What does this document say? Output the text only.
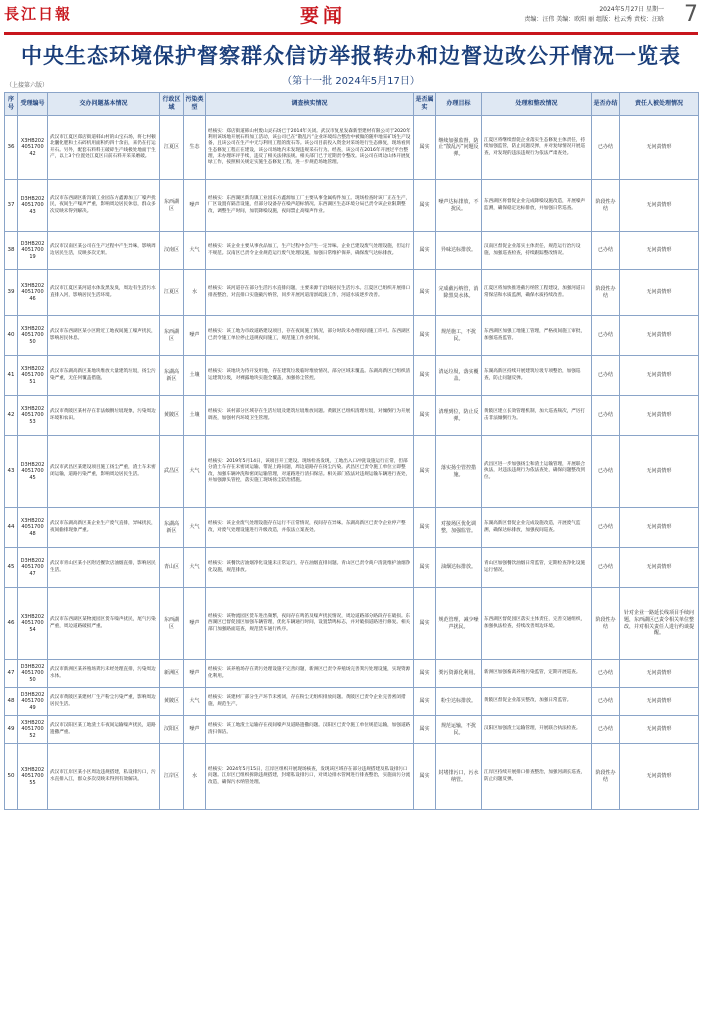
長江日報	要闻	2024年5月27日 星期一
责编：汪伟 美编：欧阳 丽 组版：杜云秀 责校：汪晗 7
中央生态环境保护督察群众信访举报转办和边督边改公开情况一览表
（第十一批 2024年5月17日）
（上接第六版）
序号	受理编号	交办问题基本情况	行政区域	污染类型	调查核实情况	是否属实	办理目标	处理和整改情况	是否办结	责任人被处理情况
36	X3HB202405170042	武汉市江夏区郑店街道韩山村的山宝石场，将七村顿北囊化肥和土石碎机用面积约四十余亩，来仍在打运开石。另外，配套石料料王破碎生产线极处地面于生产，以上3个位置处江夏区日前石料开采采磨破。	江夏区	生态	经核实：郑店街道韩山村废山灵石场已于2014年关闭。武汉市复星发森新型建材有限公司于2020年利用该场地开展石料加工活动，该公司已在“散乱污”企业环境综合整治中被做的随申地采矿场生产设备，且该公司在生产中无与利用工程的废石等。该公司目前投入资金对采场进行生态修复，现场看到生态修复工程正在建设，该公司场地内未发现违规采石行为。经查，该公司在2016年开展过平台整理，未办理环评手续，违反了相关法律法规。相关部门已于近期责令整改。该公司在周边山体开展复绿工作，按照相关规定实施生态修复工程，进一步规范场地管理。	属实	继续加强监督，防止“散乱污”问题反弹。	江夏区将继续督促企业落实生态修复主体责任，持续加强监管，防止问题反弹，并对复绿情况开展巡查，对发现的违法违规行为依法严肃查处。	已办结	无问责情形
37	D3HB202405170043	武汉市东西湖区新沟镇工业园东方鑫源加工厂噪声扰民，夜间生产噪声严重，影响周边居民休息，群众多次反映未得到解决。	东西湖区	噪声	经核实：东西湖区新沟镇工业园东方鑫源加工厂主要从事金属构件加工。现场检查时该厂正在生产，厂区设置有隔音设施，但部分设备存在噪声超标情况。东西湖区生态环境分局已责令该企业限期整改，调整生产时间，加装降噪设施，夜间禁止高噪声作业。	属实	噪声达标排放，不扰民。	东西湖区将督促企业完成降噪设施改造，开展噪声监测，确保稳定达标排放，并加强日常巡查。	阶段性办结	无问责情形
38	D3HB202405170019	武汉市汉南区某公司在生产过程中产生异味，影响周边居民生活，反映多次无果。	汉南区	大气	经核实：该企业主要从事食品加工，生产过程中会产生一定异味。企业已建设废气处理设施，但运行不规范。汉南区已责令企业规范运行废气处理设施，加强日常维护保养，确保废气达标排放。	属实	异味达标排放。	汉南区督促企业落实主体责任，规范运行治污设施，加强巡查检查，持续跟踪整改情况。	已办结	无问责情形
39	X3HB202405170046	武汉市江夏区某河道水体发黑发臭，周边有生活污水直排入河，影响居民生活环境。	江夏区	水	经核实：该河道存在部分生活污水直排问题，主要来源于沿线居民生活污水。江夏区已组织开展排口排查整治，对直排口实施截污纳管，同步开展河道清淤疏浚工作，河道水质逐步改善。	属实	完成截污纳管，消除黑臭水体。	江夏区将加快推进截污纳管工程建设，加强河道日常保洁和水质监测，确保水质持续改善。	阶段性办结	无问责情形
40	X3HB202405170050	武汉市东西湖区某小区附近工地夜间施工噪声扰民，影响居民休息。	东西湖区	噪声	经核实：该工地为市政道路建设项目，存在夜间施工情况，部分时段未办理夜间施工许可。东西湖区已责令施工单位停止违规夜间施工，规范施工作业时间。	属实	规范施工，不扰民。	东西湖区加强工地施工管理，严格夜间施工审批，加强巡查监管。	已办结	无问责情形
41	X3HB202405170051	武汉市东湖高新区某地块堆放大量建筑垃圾，扬尘污染严重，无任何覆盖措施。	东湖高新区	土壤	经核实：该地块为待开发用地，存在建筑垃圾临时堆放情况，部分区域未覆盖。东湖高新区已组织清运建筑垃圾，对裸露地块实施全覆盖，加强扬尘管控。	属实	清运垃圾，落实覆盖。	东湖高新区持续开展建筑垃圾专项整治，加强巡查，防止问题反弹。	已办结	无问责情形
42	X3HB202405170053	武汉市黄陂区某村存在非法倾倒垃圾现象，污染周边环境和农田。	黄陂区	土壤	经核实：该村部分区域存在生活垃圾及建筑垃圾堆放问题。黄陂区已组织清理垃圾，对倾倒行为开展调查，加强村内环境卫生管理。	属实	清理到位，防止反弹。	黄陂区建立长效管理机制，加大巡查频次，严厉打击非法倾倒行为。	已办结	无问责情形
43	D3HB202405170045	武汉市武昌区某建设项目施工扬尘严重，渣土车未密闭运输，道路污染严重，影响周边居民生活。	武昌区	大气	经核实：2019年5月14日，该项目开工建设。现场检查发现，工地出入口冲洗设施运行正常，但部分渣土车存在未密闭运输、带泥上路问题，周边道路存在扬尘污染。武昌区已责令施工单位立即整改，加强车辆冲洗和密闭运输管理，对道路进行清扫保洁。相关部门依法对违规运输车辆进行查处，并加强源头管控，落实施工现场扬尘防治措施。	属实	落实扬尘管控措施。	武昌区进一步加强扬尘和渣土运输管理，开展联合执法，对违法违规行为依法查处，确保问题整改到位。	已办结	无问责情形
44	X3HB202405170048	武汉市东湖高新区某企业生产废气直排，异味扰民，夜间偷排现象严重。	东湖高新区	大气	经核实：该企业废气处理设施存在运行不正常情况，夜间存在异味。东湖高新区已责令企业停产整改，对废气处理设施进行升级改造，并依法立案查处。	属实	对接场区优化调整，加强监管。	东湖高新区督促企业完成设施改造，开展废气监测，确保达标排放，加强夜间巡查。	已办结	无问责情形
45	D3HB202405170047	武汉市青山区某小区附近餐饮店油烟直排，影响居民生活。	青山区	大气	经核实：该餐饮店油烟净化设施未正常运行，存在油烟直排问题。青山区已责令商户清洗维护油烟净化设施，规范排放。	属实	油烟达标排放。	青山区加强餐饮油烟日常监管，定期检查净化设施运行情况。	已办结	无问责情形
46	X3HB202405170054	武汉市东西湖区某物流园区货车噪声扰民，尾气污染严重，周边道路破损严重。	东西湖区	噪声	经核实：该物流园区货车进出频繁，夜间存在鸣笛及噪声扰民情况，周边道路部分路段存在破损。东西湖区已督促园区加强车辆管理，优化车辆通行时间，设置禁鸣标志，并对破损道路进行修复。相关部门加强路面巡查，规范货车通行秩序。	属实	规范管理，减少噪声扰民。	东西湖区督促园区落实主体责任，完善交通组织，加强执法检查，持续改善周边环境。	阶段性办结	针对企业一路延长线项目手续问题，东西湖区已责令相关单位整改，并对相关责任人进行约谈提醒。
47	D3HB202405170050	武汉市新洲区某养殖场粪污未经处理直排，污染周边水体。	新洲区	噪声	经核实：该养殖场存在粪污处理设施不完善问题，新洲区已责令养殖场完善粪污处理设施，实现资源化利用。	属实	粪污资源化利用。	新洲区加强畜禽养殖污染监管，定期开展巡查。	已办结	无问责情形
48	D3HB202405170049	武汉市黄陂区某建材厂生产粉尘污染严重，影响周边居民生活。	黄陂区	大气	经核实：该建材厂部分生产环节未密闭，存在粉尘无组织排放问题。黄陂区已责令企业完善密闭措施，规范生产。	属实	粉尘达标排放。	黄陂区督促企业落实整改，加强日常监管。	已办结	无问责情形
49	X3HB202405170052	武汉市汉阳区某工地渣土车夜间运输噪声扰民，道路遗撒严重。	汉阳区	噪声	经核实：该工地渣土运输存在夜间噪声及道路遗撒问题。汉阳区已责令施工单位规范运输，加强道路清扫保洁。	属实	规范运输，不扰民。	汉阳区加强渣土运输管理，开展联合执法检查。	已办结	无问责情形
50	X3HB202405170055	武汉市江岸区某小区周边违规搭建，私设排污口，污水直排入江，群众多次反映未得到有效解决。	江岸区	水	经核实：2024年5月15日，江岸区组织开展现场核查，发现该区域存在部分违规搭建及私设排污口问题。江岸区已组织拆除违规搭建，封堵私设排污口，对周边排水管网进行排查整治，实施雨污分流改造，确保污水纳管处理。	属实	封堵排污口，污水纳管。	江岸区持续开展排口排查整治，加强河湖长巡查，防止问题反弹。	阶段性办结	无问责情形
